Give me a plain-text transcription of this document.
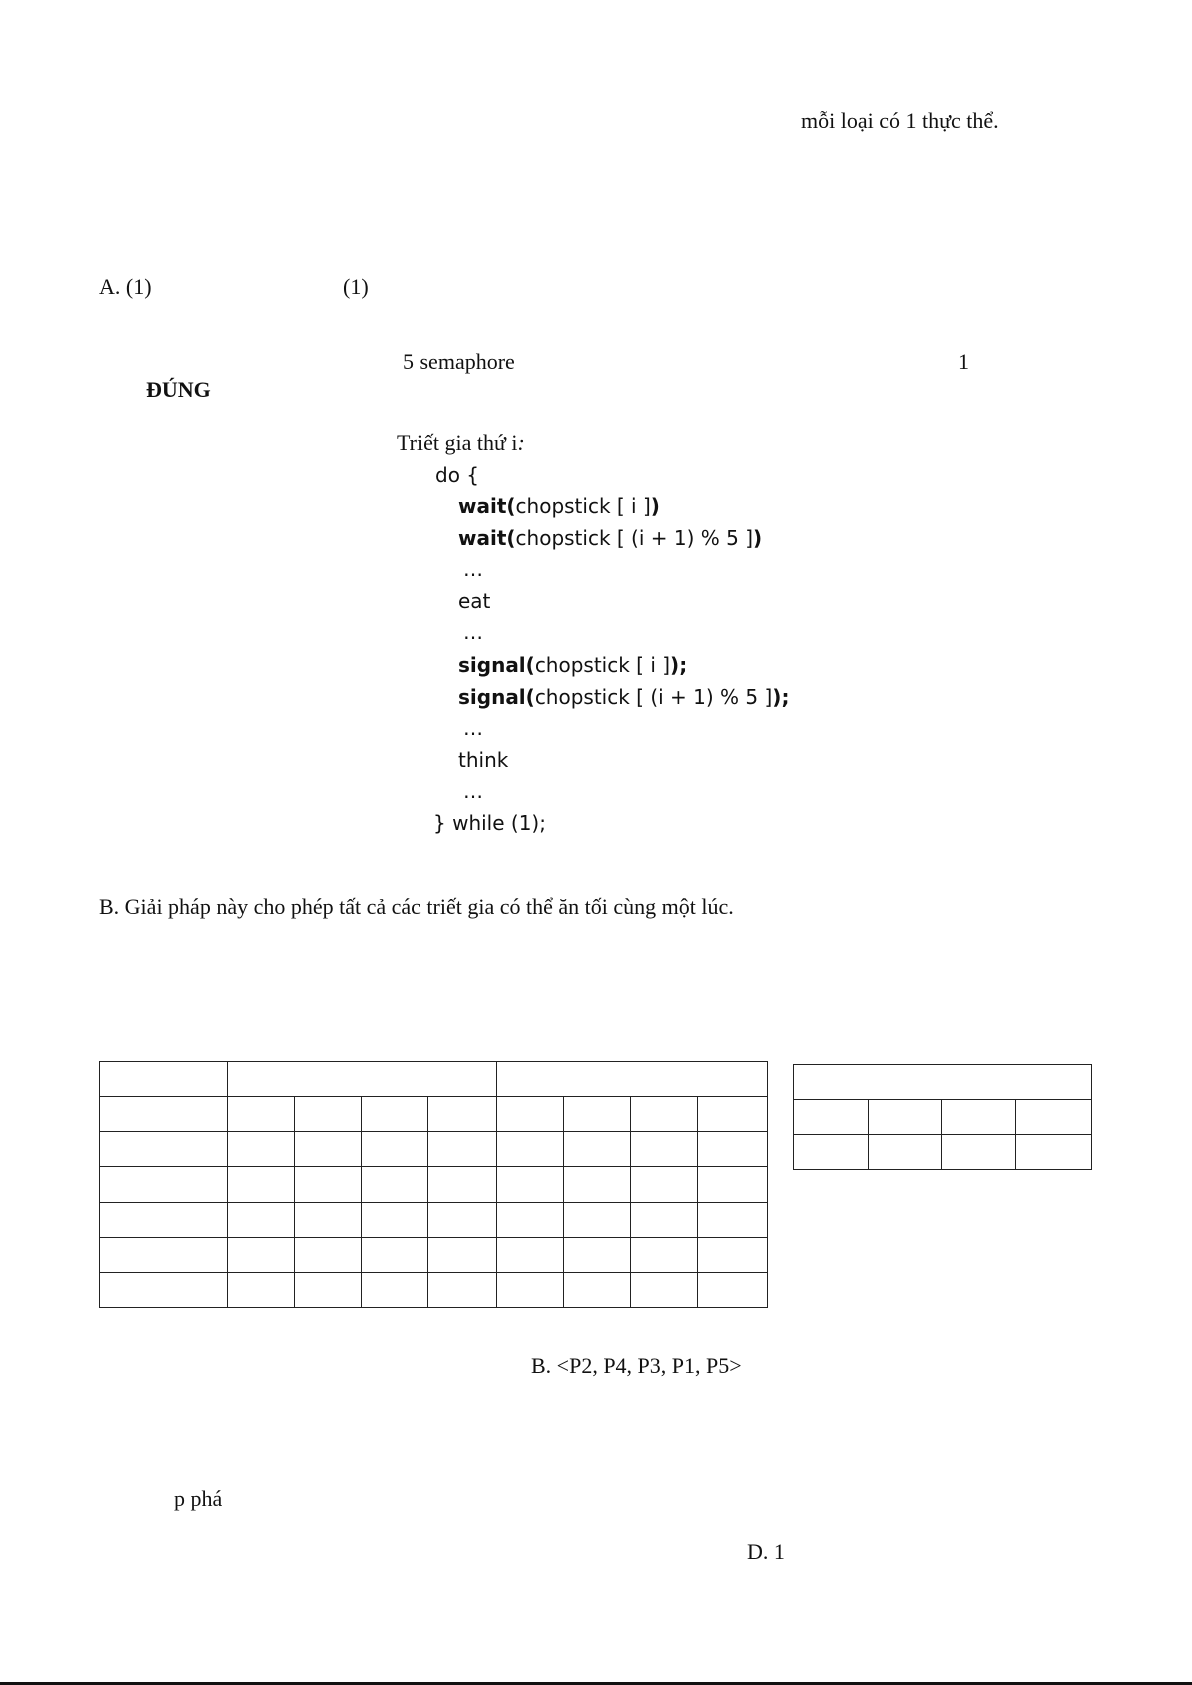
mỗi loại có 1 thực thể.
A. (1)	(1)
5 semaphore	1
ĐÚNG
Triết gia thứ i:
do {
wait(chopstick [ i ])
wait(chopstick [ (i + 1) % 5 ])
…
eat
…
signal(chopstick [ i ]);
signal(chopstick [ (i + 1) % 5 ]);
…
think
…
} while (1);
B. Giải pháp này cho phép tất cả các triết gia có thể ăn tối cùng một lúc.

B. <P2, P4, P3, P1, P5>
p phá
D. 1
